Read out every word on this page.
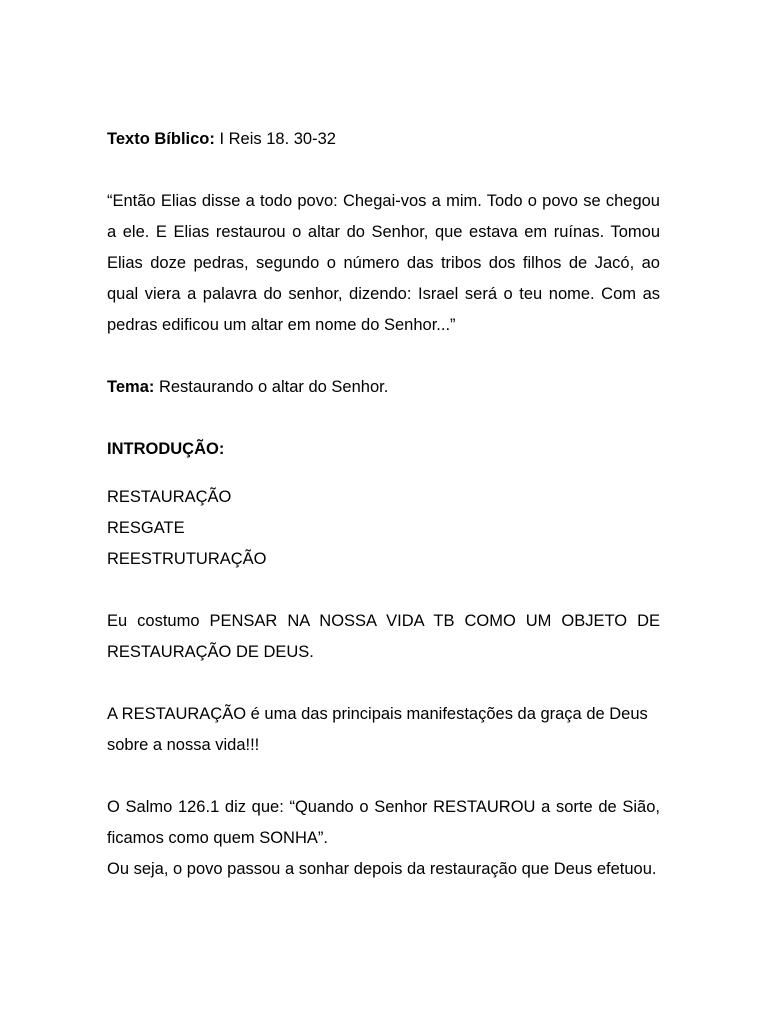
Texto Bíblico: I Reis 18. 30-32

“Então Elias disse a todo povo: Chegai-vos a mim. Todo o povo se chegou a ele. E Elias restaurou o altar do Senhor, que estava em ruínas. Tomou Elias doze pedras, segundo o número das tribos dos filhos de Jacó, ao qual viera a palavra do senhor, dizendo: Israel será o teu nome. Com as pedras edificou um altar em nome do Senhor...”

Tema: Restaurando o altar do Senhor.

INTRODUÇÃO:

RESTAURAÇÃO
RESGATE
REESTRUTURAÇÃO

Eu costumo PENSAR NA NOSSA VIDA TB COMO UM OBJETO DE RESTAURAÇÃO DE DEUS.

A RESTAURAÇÃO é uma das principais manifestações da graça de Deus sobre a nossa vida!!!

O Salmo 126.1 diz que: “Quando o Senhor RESTAUROU a sorte de Sião, ficamos como quem SONHA”.

Ou seja, o povo passou a sonhar depois da restauração que Deus efetuou.
